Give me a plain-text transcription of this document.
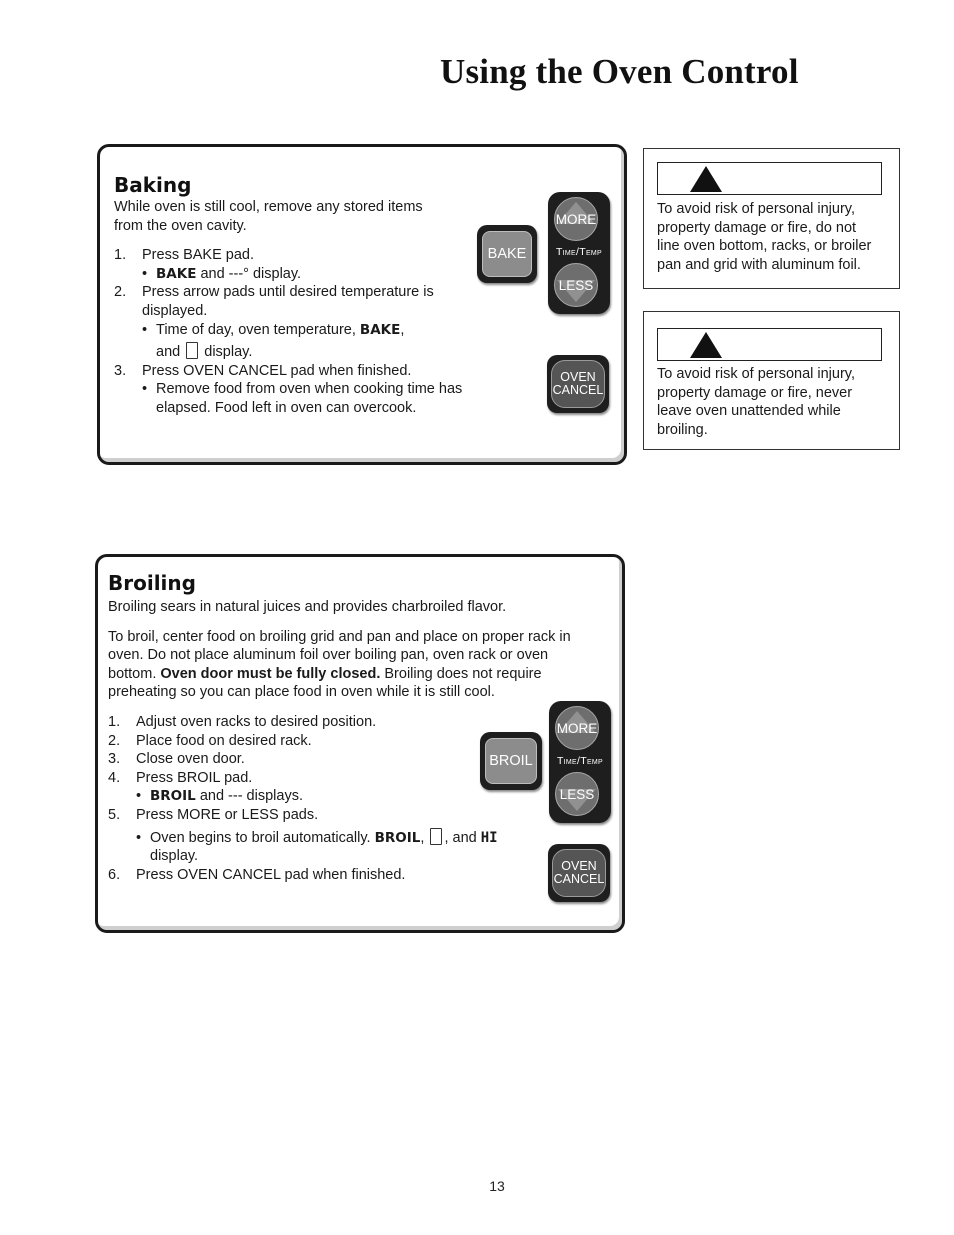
Using the Oven Control
Baking

While oven is still cool, remove any stored items

from the oven cavity.

1. Press BAKE pad.
• BAKE and ---° display.
2. Press arrow pads until desired temperature is
displayed.
• Time of day, oven temperature, BAKE,
and  display.
3. Press OVEN CANCEL pad when finished.
• Remove food from oven when cooking time has
elapsed. Food left in oven can overcook.
BAKE
MORE
Time/Temp
LESS
OVEN
CANCEL
To avoid risk of personal injury,
property damage or fire, do not
line oven bottom, racks, or broiler
pan and grid with aluminum foil.
To avoid risk of personal injury,
property damage or fire, never
leave oven unattended while
broiling.
Broiling

Broiling sears in natural juices and provides charbroiled flavor.

To broil, center food on broiling grid and pan and place on proper rack in

oven. Do not place aluminum foil over boiling pan, oven rack or oven

bottom. Oven door must be fully closed. Broiling does not require

preheating so you can place food in oven while it is still cool.

1. Adjust oven racks to desired position.
2. Place food on desired rack.
3. Close oven door.
4. Press BROIL pad.
• BROIL and --- displays.
5. Press MORE or LESS pads.
• Oven begins to broil automatically. BROIL, , and HI
display.
6. Press OVEN CANCEL pad when finished.
BROIL
MORE
Time/Temp
LESS
OVEN
CANCEL
13
